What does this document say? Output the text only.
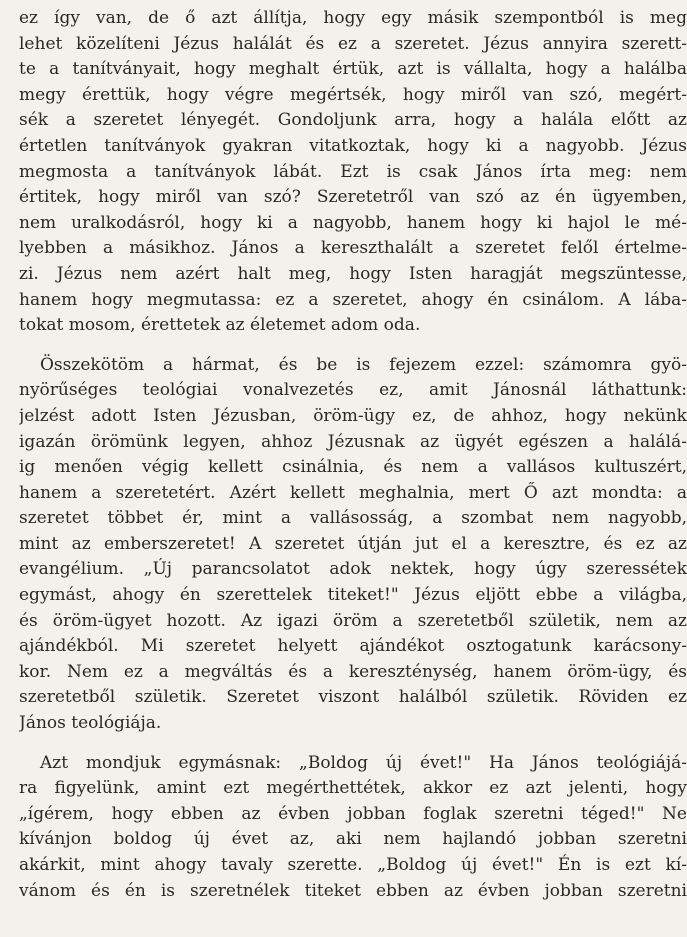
ez így van, de ő azt állítja, hogy egy másik szempontból is meg
lehet közelíteni Jézus halálát és ez a szeretet. Jézus annyira szerett-
te a tanítványait, hogy meghalt értük, azt is vállalta, hogy a halálba
megy érettük, hogy végre megértsék, hogy miről van szó, megért-
sék a szeretet lényegét. Gondoljunk arra, hogy a halála előtt az
értetlen tanítványok gyakran vitatkoztak, hogy ki a nagyobb. Jézus
megmosta a tanítványok lábát. Ezt is csak János írta meg: nem
értitek, hogy miről van szó? Szeretetről van szó az én ügyemben,
nem uralkodásról, hogy ki a nagyobb, hanem hogy ki hajol le mé-
lyebben a másikhoz. János a kereszthalált a szeretet felől értelme-
zi. Jézus nem azért halt meg, hogy Isten haragját megszüntesse,
hanem hogy megmutassa: ez a szeretet, ahogy én csinálom. A lába-
tokat mosom, érettetek az életemet adom oda.
Összekötöm a hármat, és be is fejezem ezzel: számomra gyö-
nyörűséges teológiai vonalvezetés ez, amit Jánosnál láthattunk:
jelzést adott Isten Jézusban, öröm-ügy ez, de ahhoz, hogy nekünk
igazán örömünk legyen, ahhoz Jézusnak az ügyét egészen a halálá-
ig menően végig kellett csinálnia, és nem a vallásos kultuszért,
hanem a szeretetért. Azért kellett meghalnia, mert Ő azt mondta: a
szeretet többet ér, mint a vallásosság, a szombat nem nagyobb,
mint az emberszeretet! A szeretet útján jut el a keresztre, és ez az
evangélium. „Új parancsolatot adok nektek, hogy úgy szeressétek
egymást, ahogy én szerettelek titeket!" Jézus eljött ebbe a világba,
és öröm-ügyet hozott. Az igazi öröm a szeretetből születik, nem az
ajándékból. Mi szeretet helyett ajándékot osztogatunk karácsony-
kor. Nem ez a megváltás és a kereszténység, hanem öröm-ügy, és
szeretetből születik. Szeretet viszont halálból születik. Röviden ez
János teológiája.
Azt mondjuk egymásnak: „Boldog új évet!" Ha János teológiájá-
ra figyelünk, amint ezt megérthettétek, akkor ez azt jelenti, hogy
„ígérem, hogy ebben az évben jobban foglak szeretni téged!" Ne
kívánjon boldog új évet az, aki nem hajlandó jobban szeretni
akárkit, mint ahogy tavaly szerette. „Boldog új évet!" Én is ezt kí-
vánom és én is szeretnélek titeket ebben az évben jobban szeretni
